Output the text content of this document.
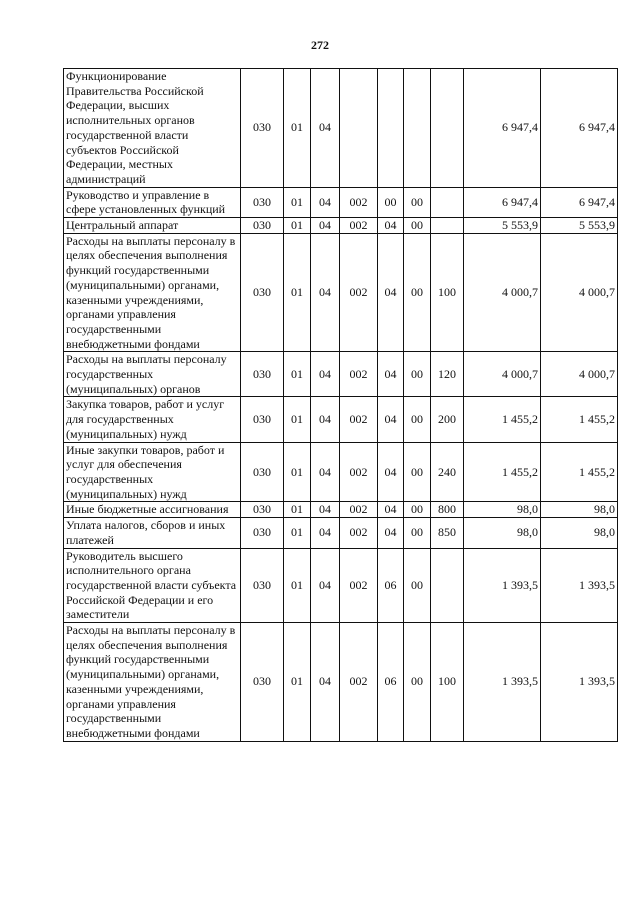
272
Функционирование Правительства Российской Федерации, высших исполнительных органов государственной власти субъектов Российской Федерации, местных администраций	030	01	04					6 947,4	6 947,4
Руководство и управление в сфере установленных функций	030	01	04	002	00	00		6 947,4	6 947,4
Центральный аппарат	030	01	04	002	04	00		5 553,9	5 553,9
Расходы на выплаты персоналу в целях обеспечения выполнения функций государственными (муниципальными) органами, казенными учреждениями, органами управления государственными внебюджетными фондами	030	01	04	002	04	00	100	4 000,7	4 000,7
Расходы на выплаты персоналу государственных (муниципальных) органов	030	01	04	002	04	00	120	4 000,7	4 000,7
Закупка товаров, работ и услуг для государственных (муниципальных) нужд	030	01	04	002	04	00	200	1 455,2	1 455,2
Иные закупки товаров, работ и услуг для обеспечения государственных (муниципальных) нужд	030	01	04	002	04	00	240	1 455,2	1 455,2
Иные бюджетные ассигнования	030	01	04	002	04	00	800	98,0	98,0
Уплата налогов, сборов и иных платежей	030	01	04	002	04	00	850	98,0	98,0
Руководитель высшего исполнительного органа государственной власти субъекта Российской Федерации и его заместители	030	01	04	002	06	00		1 393,5	1 393,5
Расходы на выплаты персоналу в целях обеспечения выполнения функций государственными (муниципальными) органами, казенными учреждениями, органами управления государственными внебюджетными фондами	030	01	04	002	06	00	100	1 393,5	1 393,5
